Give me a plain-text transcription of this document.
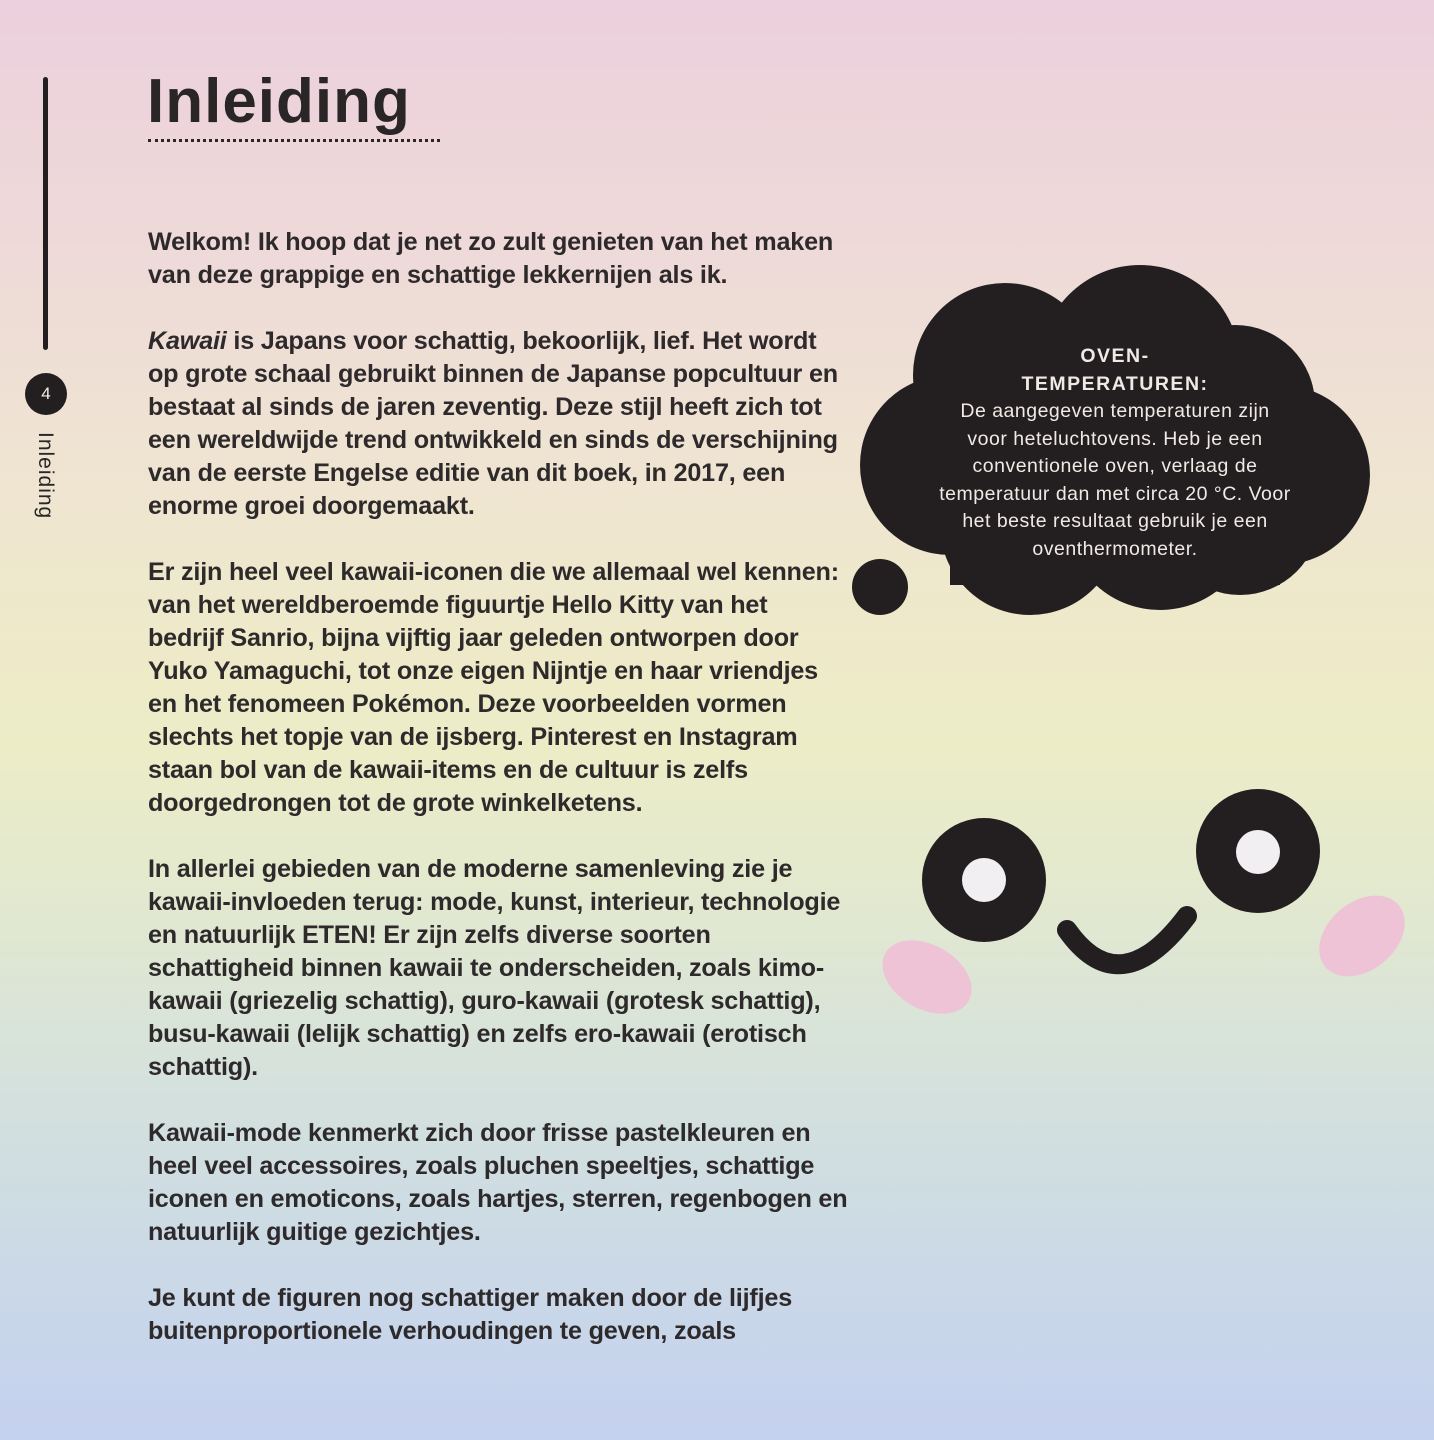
4
Inleiding
Inleiding

Welkom! Ik hoop dat je net zo zult genieten van het maken van deze grappige en schattige lekkernijen als ik.

Kawaii is Japans voor schattig, bekoorlijk, lief. Het wordt op grote schaal gebruikt binnen de Japanse popcultuur en bestaat al sinds de jaren zeventig. Deze stijl heeft zich tot een wereldwijde trend ontwikkeld en sinds de verschijning van de eerste Engelse editie van dit boek, in 2017, een enorme groei doorgemaakt.

Er zijn heel veel kawaii-iconen die we allemaal wel kennen: van het wereldberoemde figuurtje Hello Kitty van het bedrijf Sanrio, bijna vijftig jaar geleden ontworpen door Yuko Yamaguchi, tot onze eigen Nijntje en haar vriendjes en het fenomeen Pokémon. Deze voorbeelden vormen slechts het topje van de ijsberg. Pinterest en Instagram staan bol van de kawaii-items en de cultuur is zelfs doorgedrongen tot de grote winkelketens.

In allerlei gebieden van de moderne samenleving zie je kawaii-invloeden terug: mode, kunst, interieur, technologie en natuurlijk ETEN! Er zijn zelfs diverse soorten schattigheid binnen kawaii te onderscheiden, zoals kimo-kawaii (griezelig schattig), guro-kawaii (grotesk schattig), busu-kawaii (lelijk schattig) en zelfs ero-kawaii (erotisch schattig).

Kawaii-mode kenmerkt zich door frisse pastelkleuren en heel veel accessoires, zoals pluchen speeltjes, schattige iconen en emoticons, zoals hartjes, sterren, regenbogen en natuurlijk guitige gezichtjes.

Je kunt de figuren nog schattiger maken door de lijfjes buitenproportionele verhoudingen te geven, zoals

OVEN-
TEMPERATUREN:
De aangegeven temperaturen zijn
voor heteluchtovens. Heb je een
conventionele oven, verlaag de
temperatuur dan met circa 20 °C. Voor
het beste resultaat gebruik je een
oventhermometer.
